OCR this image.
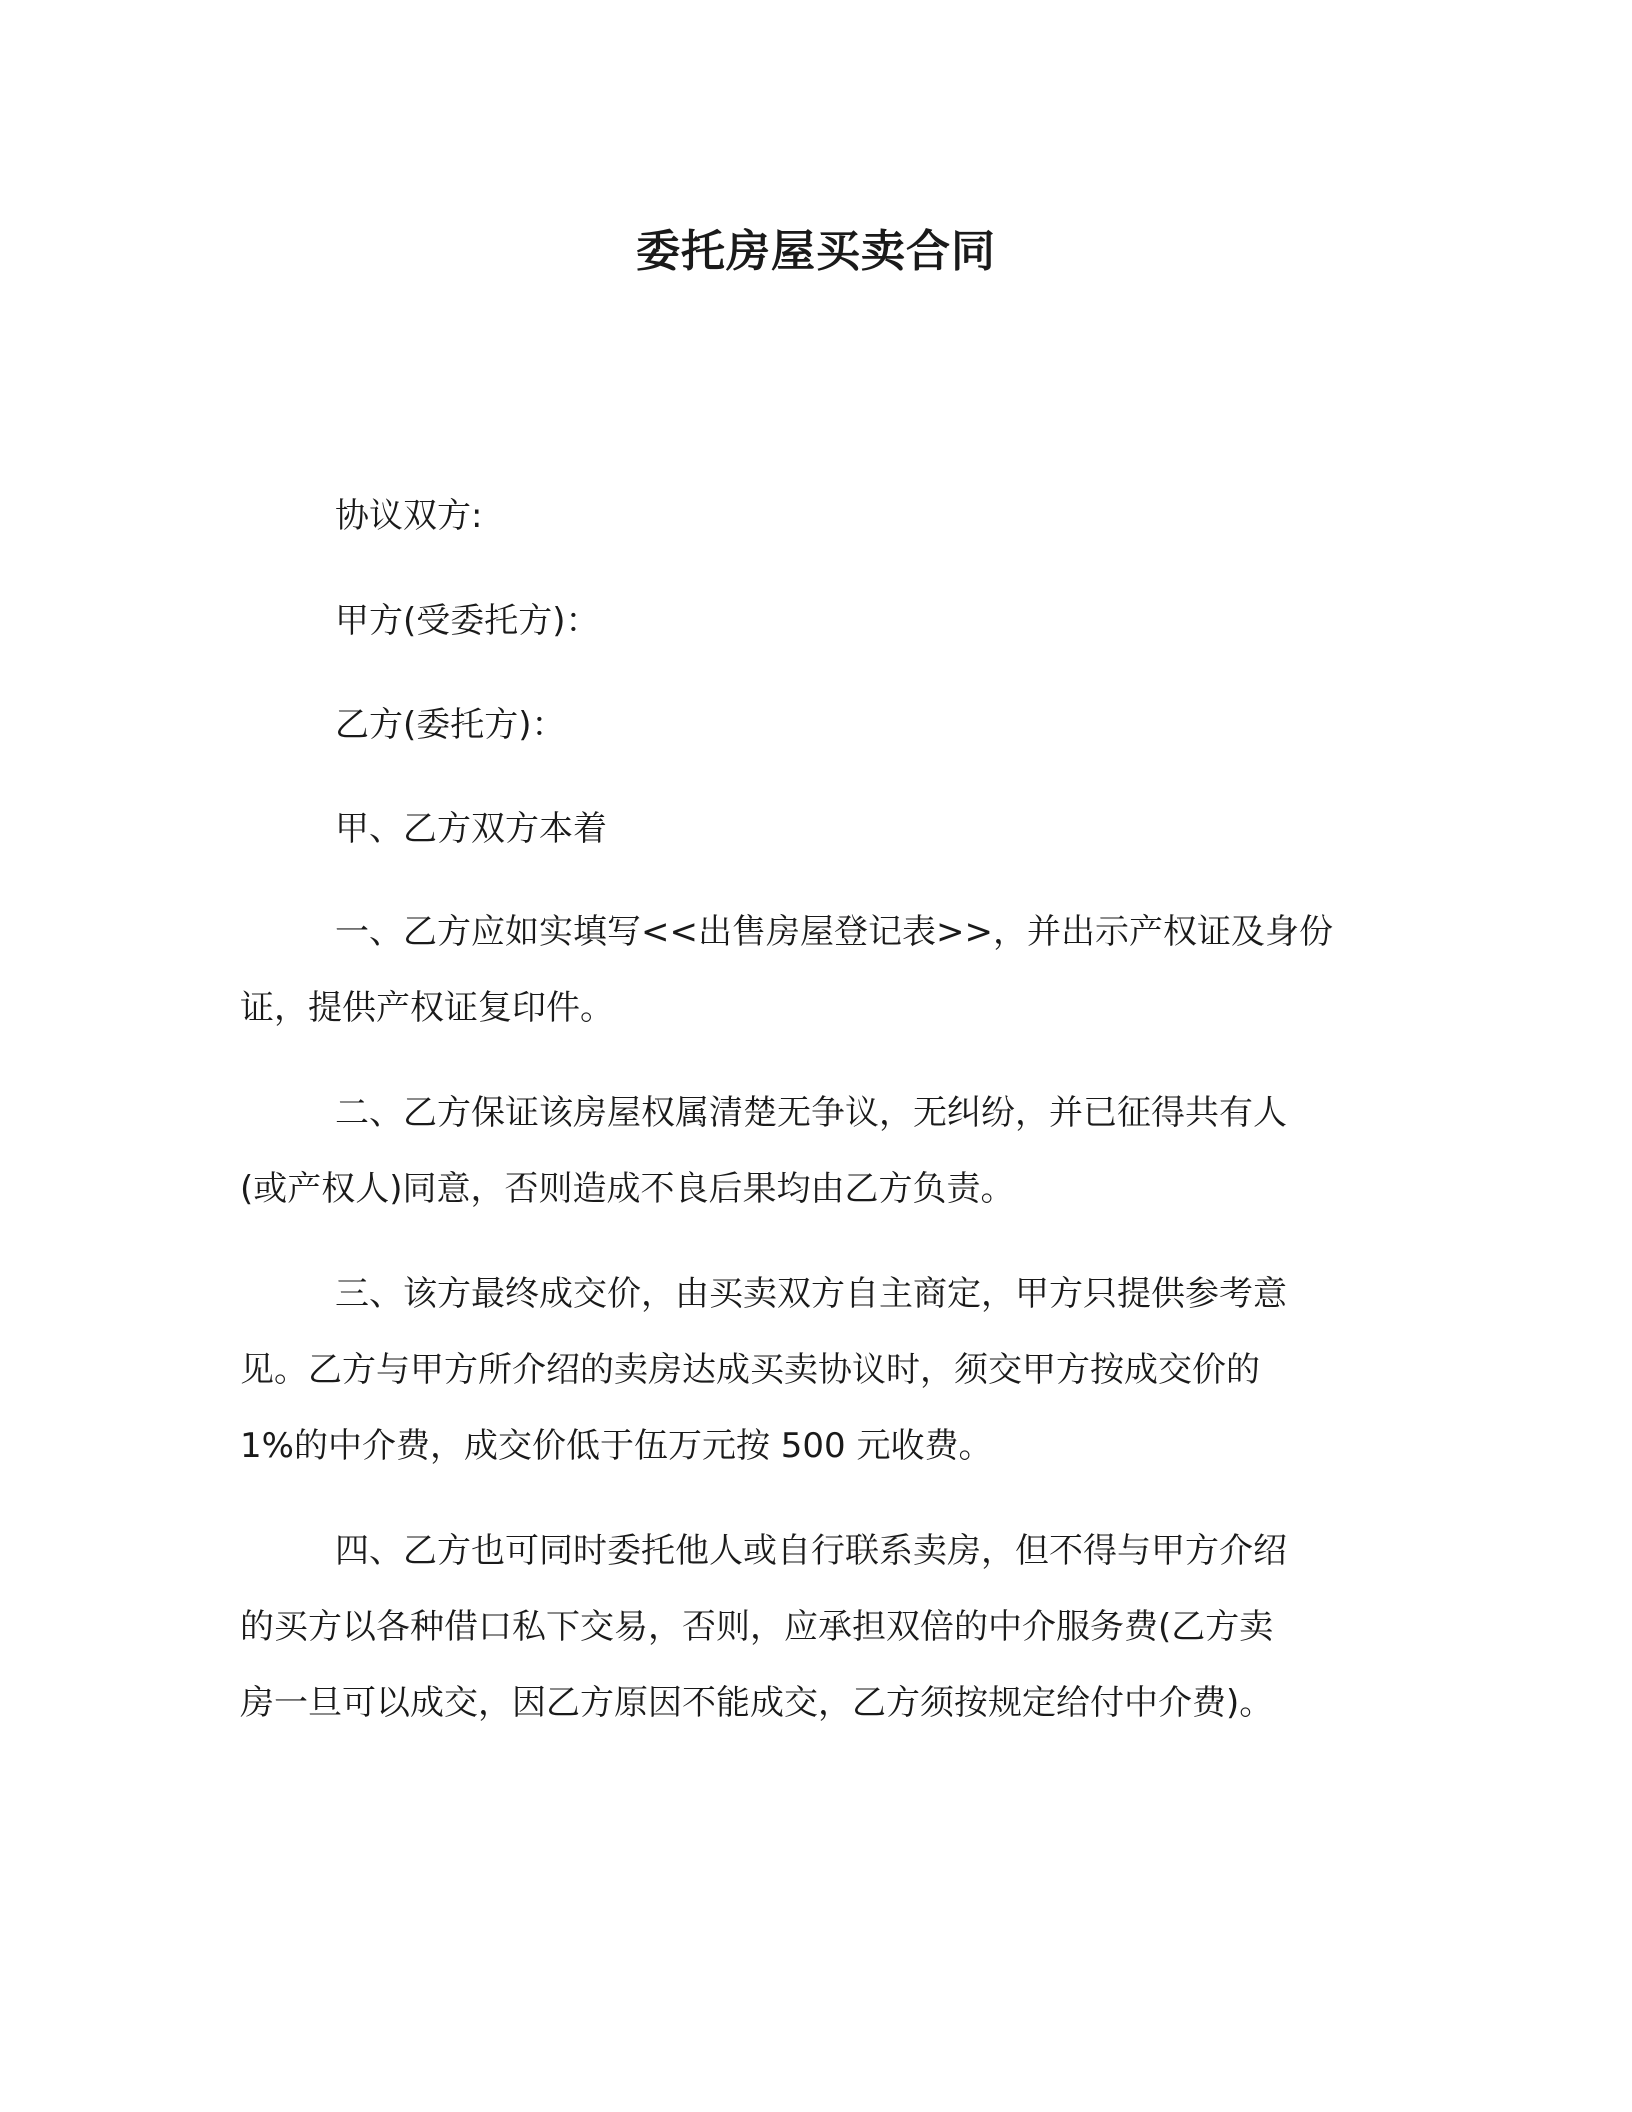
委托房屋买卖合同
协议双方:
甲方(受委托方)：
乙方(委托方)：
甲、乙方双方本着
一、乙方应如实填写<<出售房屋登记表>>，并出示产权证及身份
证，提供产权证复印件。
二、乙方保证该房屋权属清楚无争议，无纠纷，并已征得共有人
(或产权人)同意，否则造成不良后果均由乙方负责。
三、该方最终成交价，由买卖双方自主商定，甲方只提供参考意
见。乙方与甲方所介绍的卖房达成买卖协议时，须交甲方按成交价的
1%的中介费，成交价低于伍万元按 500 元收费。
四、乙方也可同时委托他人或自行联系卖房，但不得与甲方介绍
的买方以各种借口私下交易，否则，应承担双倍的中介服务费(乙方卖
房一旦可以成交，因乙方原因不能成交，乙方须按规定给付中介费)。
